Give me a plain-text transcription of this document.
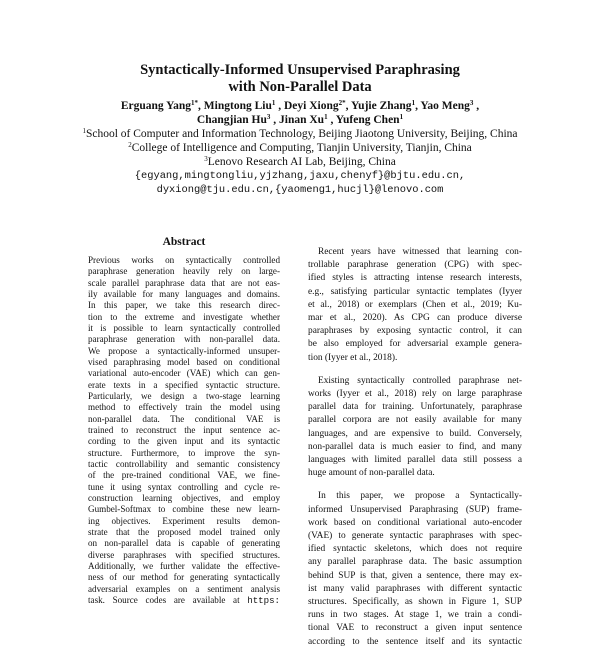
Syntactically-Informed Unsupervised Paraphrasing
with Non-Parallel Data
Erguang Yang$^{1*}$, Mingtong Liu$^1$ , Deyi Xiong$^{2*}$, Yujie Zhang$^1$, Yao Meng$^3$ ,
Changjian Hu$^3$ , Jinan Xu$^1$ , Yufeng Chen$^1$
$^1$School of Computer and Information Technology, Beijing Jiaotong University, Beijing, China
$^2$College of Intelligence and Computing, Tianjin University, Tianjin, China
$^3$Lenovo Research AI Lab, Beijing, China
{egyang,mingtongliu,yjzhang,jaxu,chenyf}@bjtu.edu.cn,
dyxiong@tju.edu.cn,{yaomeng1,hucjl}@lenovo.com
Abstract
Previous works on syntactically controlled
paraphrase generation heavily rely on large-
scale parallel paraphrase data that are not eas-
ily available for many languages and domains.
In this paper, we take this research direc-
tion to the extreme and investigate whether
it is possible to learn syntactically controlled
paraphrase generation with non-parallel data.
We propose a syntactically-informed unsuper-
vised paraphrasing model based on conditional
variational auto-encoder (VAE) which can gen-
erate texts in a specified syntactic structure.
Particularly, we design a two-stage learning
method to effectively train the model using
non-parallel data. The conditional VAE is
trained to reconstruct the input sentence ac-
cording to the given input and its syntactic
structure. Furthermore, to improve the syn-
tactic controllability and semantic consistency
of the pre-trained conditional VAE, we fine-
tune it using syntax controlling and cycle re-
construction learning objectives, and employ
Gumbel-Softmax to combine these new learn-
ing objectives. Experiment results demon-
strate that the proposed model trained only
on non-parallel data is capable of generating
diverse paraphrases with specified structures.
Additionally, we further validate the effective-
ness of our method for generating syntactically
adversarial examples on a sentiment analysis
task. Source codes are available at https:
Recent years have witnessed that learning con-
trollable paraphrase generation (CPG) with spec-
ified styles is attracting intense research interests,
e.g., satisfying particular syntactic templates (Iyyer
et al., 2018) or exemplars (Chen et al., 2019; Ku-
mar et al., 2020). As CPG can produce diverse
paraphrases by exposing syntactic control, it can
be also employed for adversarial example genera-
tion (Iyyer et al., 2018).
Existing syntactically controlled paraphrase net-
works (Iyyer et al., 2018) rely on large paraphrase
parallel data for training. Unfortunately, paraphrase
parallel corpora are not easily available for many
languages, and are expensive to build. Conversely,
non-parallel data is much easier to find, and many
languages with limited parallel data still possess a
huge amount of non-parallel data.
In this paper, we propose a Syntactically-
informed Unsupervised Paraphrasing (SUP) frame-
work based on conditional variational auto-encoder
(VAE) to generate syntactic paraphrases with spec-
ified syntactic skeletons, which does not require
any parallel paraphrase data. The basic assumption
behind SUP is that, given a sentence, there may ex-
ist many valid paraphrases with different syntactic
structures. Specifically, as shown in Figure 1, SUP
runs in two stages. At stage 1, we train a condi-
tional VAE to reconstruct a given input sentence
according to the sentence itself and its syntactic
